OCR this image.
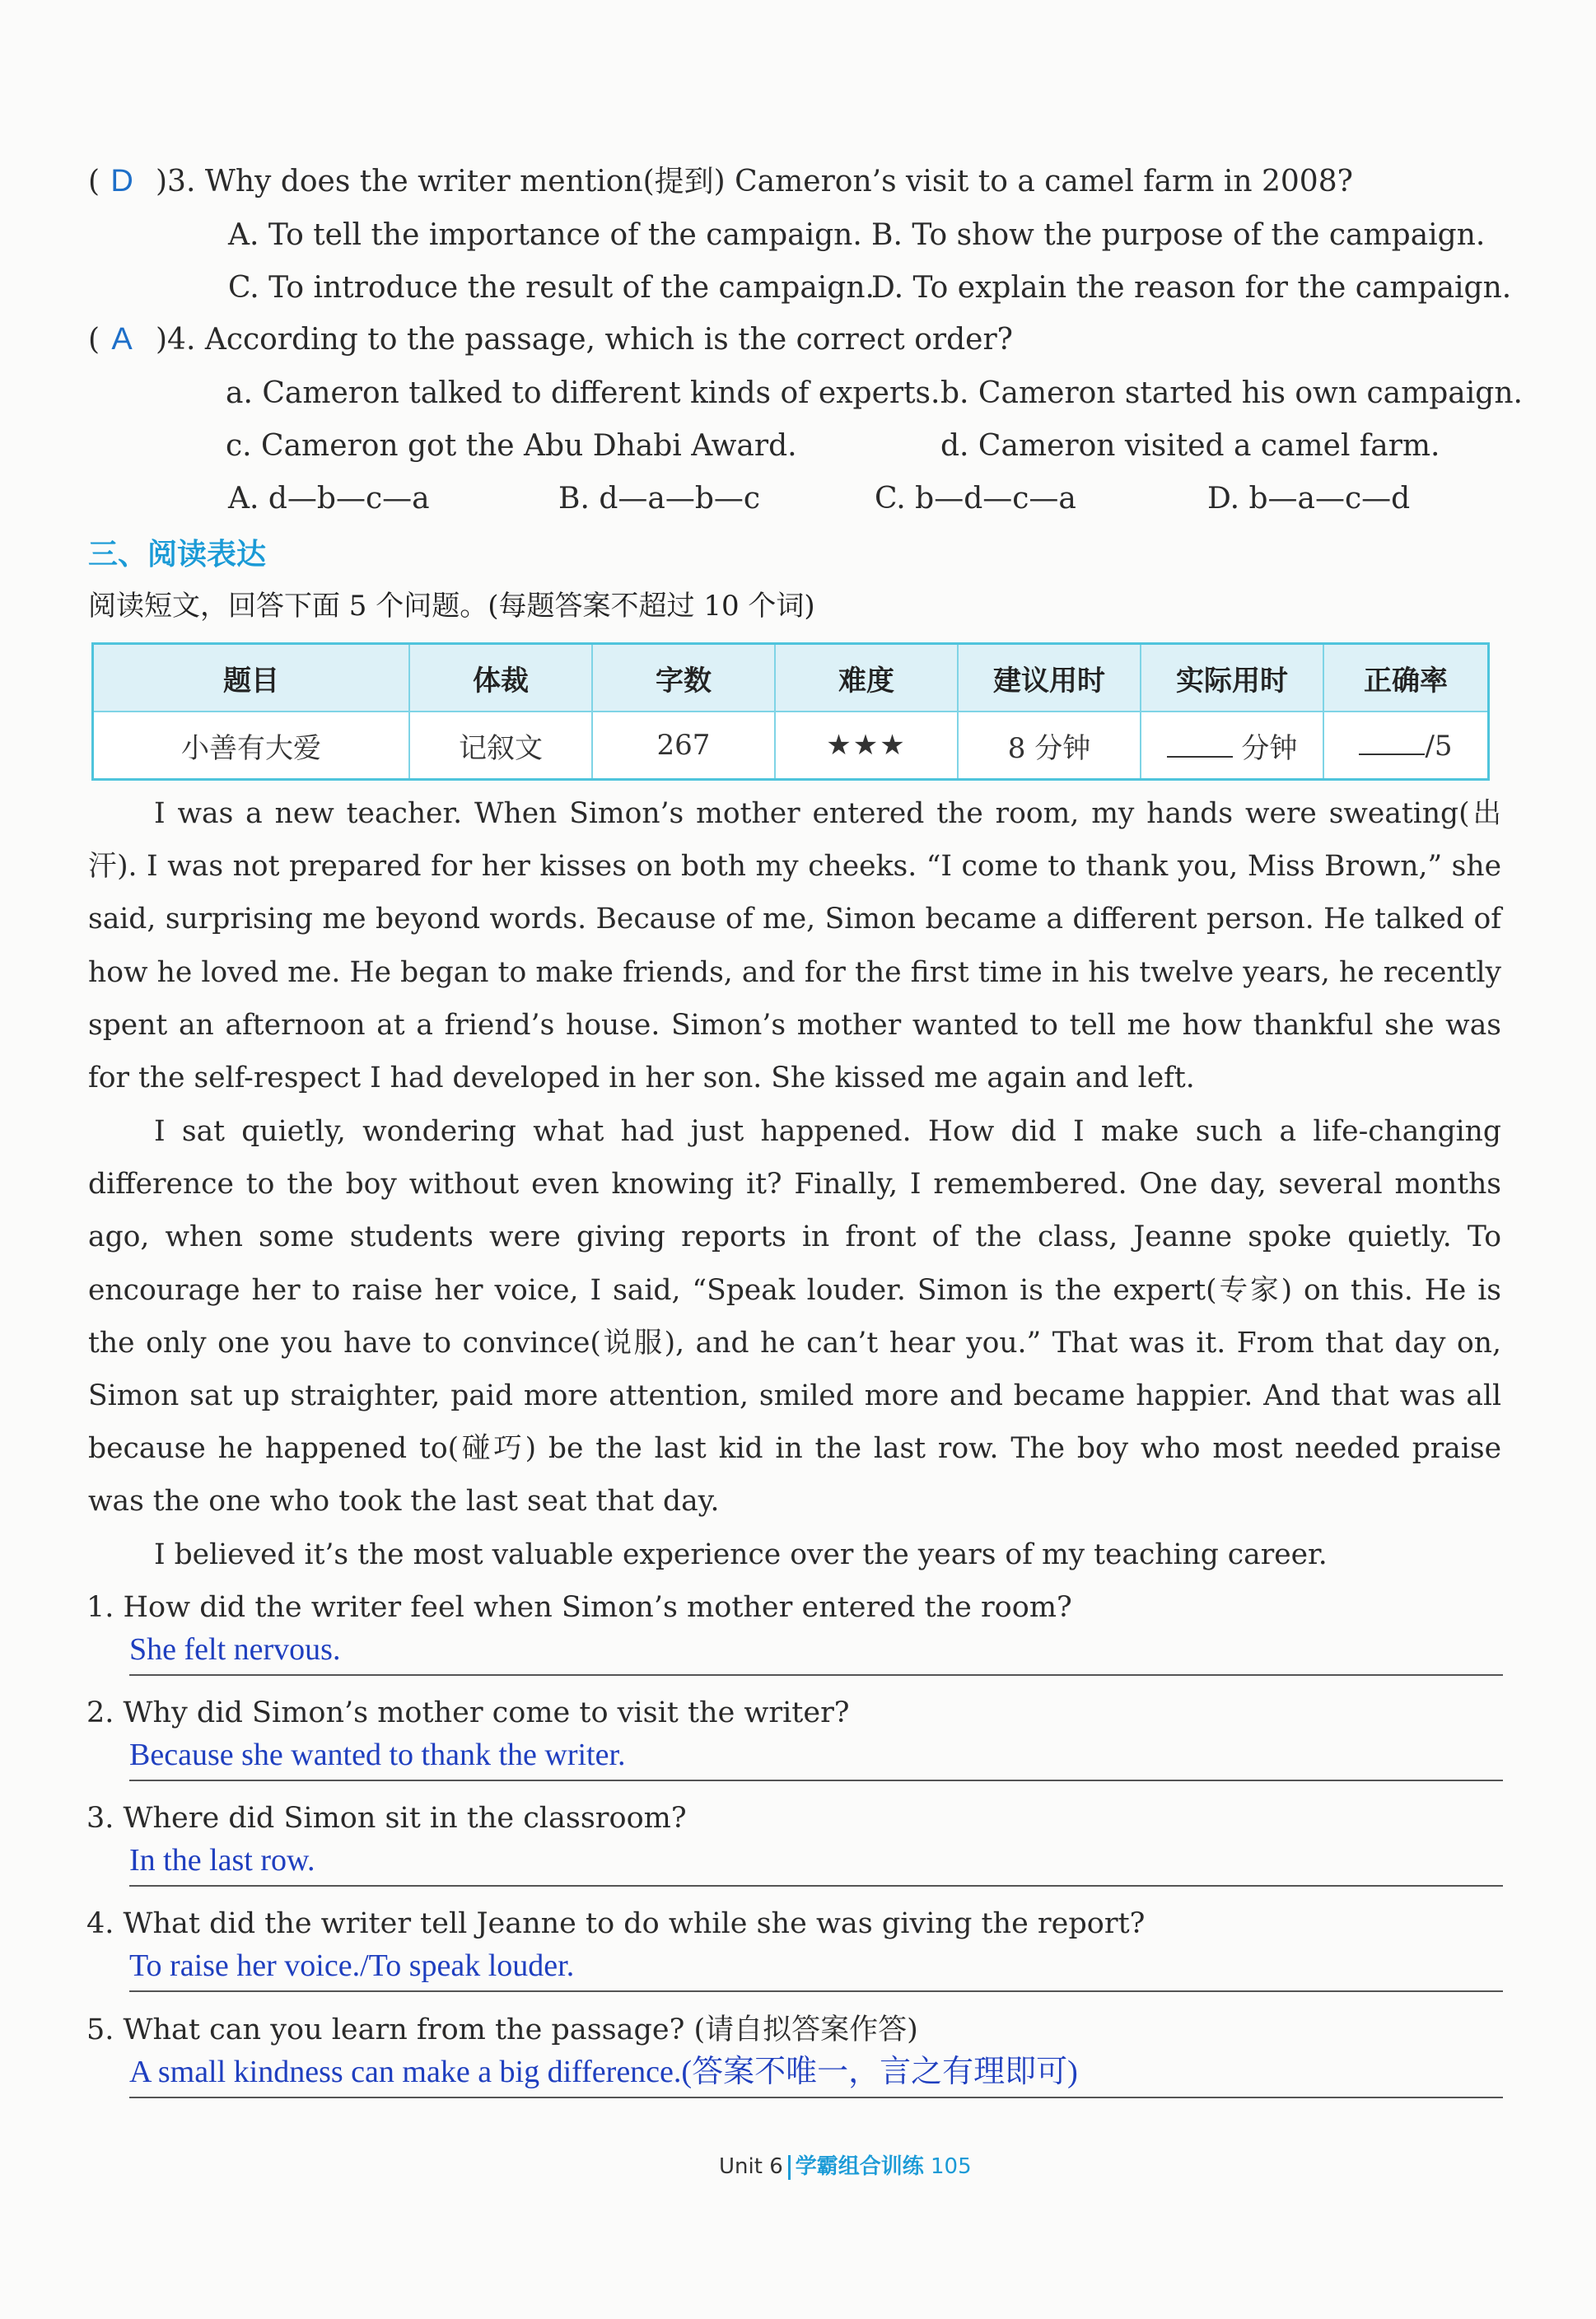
( D )3. Why does the writer mention(提到) Cameron’s visit to a camel farm in 2008?
A. To tell the importance of the campaign. B. To show the purpose of the campaign.
C. To introduce the result of the campaign.
D. To explain the reason for the campaign.
( A )4. According to the passage, which is the correct order?
a. Cameron talked to different kinds of experts. b. Cameron started his own campaign.
c. Cameron got the Abu Dhabi Award.	d. Cameron visited a camel farm.
A. d—b—c—a	B. d—a—b—c	C. b—d—c—a	D. b—a—c—d
三、阅读表达
阅读短文，回答下面 5 个问题。(每题答案不超过 10 个词)
题目	体裁	字数	难度	建议用时	实际用时	正确率
小善有大爱	记叙文	267	★★★	8 分钟	分钟	/5
I was a new teacher. When Simon’s mother entered the room, my hands were sweating(出汗). I was not prepared for her kisses on both my cheeks. “I come to thank you, Miss Brown,” she said, surprising me beyond words. Because of me, Simon became a different person. He talked of how he loved me. He began to make friends, and for the first time in his twelve years, he recently spent an afternoon at a friend’s house. Simon’s mother wanted to tell me how thankful she was for the self-respect I had developed in her son. She kissed me again and left.
I sat quietly, wondering what had just happened. How did I make such a life-changing difference to the boy without even knowing it? Finally, I remembered. One day, several months ago, when some students were giving reports in front of the class, Jeanne spoke quietly. To encourage her to raise her voice, I said, “Speak louder. Simon is the expert(专家) on this. He is the only one you have to convince(说服), and he can’t hear you.” That was it. From that day on, Simon sat up straighter, paid more attention, smiled more and became happier. And that was all because he happened to(碰巧) be the last kid in the last row. The boy who most needed praise was the one who took the last seat that day.
I believed it’s the most valuable experience over the years of my teaching career.
1. How did the writer feel when Simon’s mother entered the room?
She felt nervous.
2. Why did Simon’s mother come to visit the writer?
Because she wanted to thank the writer.
3. Where did Simon sit in the classroom?
In the last row.
4. What did the writer tell Jeanne to do while she was giving the report?
To raise her voice./To speak louder.
5. What can you learn from the passage? (请自拟答案作答)
A small kindness can make a big difference.(答案不唯一，言之有理即可)
Unit 6 学霸组合训练 105
